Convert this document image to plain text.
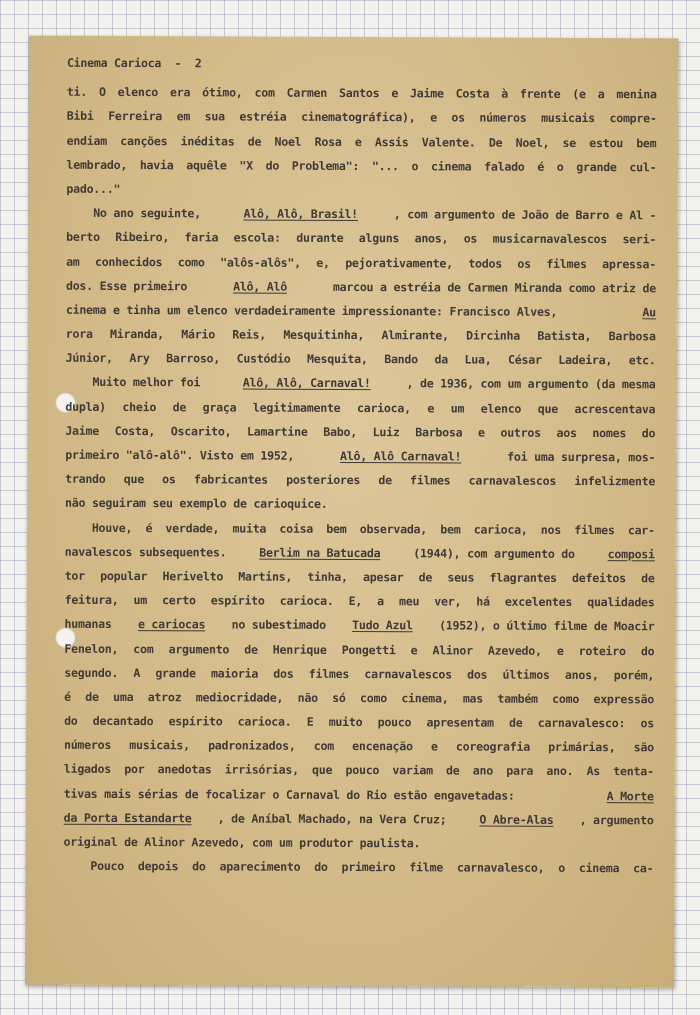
Cinema Carioca  -  2
ti. O elenco era ótimo, com Carmen Santos e Jaime Costa à frente (e a menina
Bibi Ferreira em sua estréia cinematográfica), e os números musicais compre-
endiam canções inéditas de Noel Rosa e Assis Valente. De Noel, se estou bem
lembrado, havia aquêle "X do Problema": "... o cinema falado é o grande cul-
pado..."
No ano seguinte,	Alô, Alô, Brasil!	, com argumento de João de Barro e Al -
berto Ribeiro, faria escola: durante alguns anos, os musicarnavalescos seri-
am conhecidos como "alôs-alôs", e, pejorativamente, todos os filmes apressa-
dos. Esse primeiro	Alô, Alô	marcou a estréia de Carmen Miranda como atriz de
cinema e tinha um elenco verdadeiramente impressionante: Francisco Alves,	Au
rora Miranda, Mário Reis, Mesquitinha, Almirante, Dircinha Batista, Barbosa
Júnior, Ary Barroso, Custódio Mesquita, Bando da Lua, César Ladeira, etc.
Muito melhor foi	Alô, Alô, Carnaval!	, de 1936, com um argumento (da mesma
dupla) cheio de graça legitimamente carioca, e um elenco que acrescentava
Jaime Costa, Oscarito, Lamartine Babo, Luiz Barbosa e outros aos nomes do
primeiro "alô-alô". Visto em 1952,	Alô, Alô Carnaval!	foi uma surpresa, mos-
trando que os fabricantes posteriores de filmes carnavalescos infelizmente
não seguiram seu exemplo de carioquice.
Houve, é verdade, muita coisa bem observada, bem carioca, nos filmes car-
navalescos subsequentes. Berlim na Batucada (1944), com argumento do composi
tor popular Herivelto Martins, tinha, apesar de seus flagrantes defeitos de
feitura, um certo espírito carioca. E, a meu ver, há excelentes qualidades
humanas e cariocas no subestimado Tudo Azul (1952), o último filme de Moacir
Fenelon, com argumento de Henrique Pongetti e Alinor Azevedo, e roteiro do
segundo. A grande maioria dos filmes carnavalescos dos últimos anos, porém,
é de uma atroz mediocridade, não só como cinema, mas também como expressão
do decantado espírito carioca. E muito pouco apresentam de carnavalesco: os
números musicais, padronizados, com encenação e coreografia primárias, são
ligados por anedotas irrisórias, que pouco variam de ano para ano. As tenta-
tivas mais sérias de focalizar o Carnaval do Rio estão engavetadas:	A Morte
da Porta Estandarte , de Aníbal Machado, na Vera Cruz; O Abre-Alas , argumento
original de Alinor Azevedo, com um produtor paulista.
Pouco depois do aparecimento do primeiro filme carnavalesco, o cinema ca-
